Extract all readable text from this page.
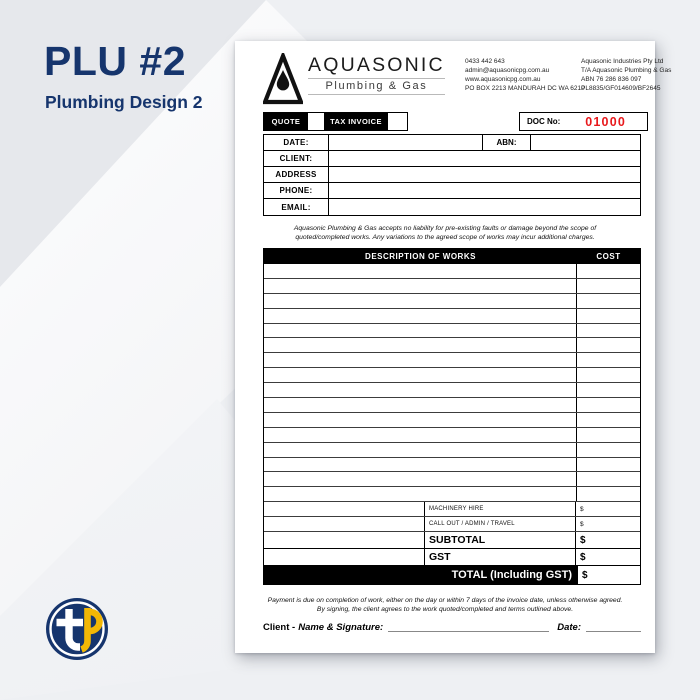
PLU #2
Plumbing Design 2
AQUASONIC
Plumbing & Gas
0433 442 643
admin@aquasonicpg.com.au
www.aquasonicpg.com.au
PO BOX 2213 MANDURAH DC WA 6210
Aquasonic Industries Pty Ltd
T/A Aquasonic Plumbing & Gas
ABN 76 286 836 097
PL8835/GF014609/BF2645
QUOTE	TAX INVOICE	DOC No: 01000
DATE:	ABN:
CLIENT:
ADDRESS
PHONE:
EMAIL:
Aquasonic Plumbing & Gas accepts no liability for pre-existing faults or damage beyond the scope of
quoted/completed works. Any variations to the agreed scope of works may incur additional charges.
DESCRIPTION OF WORKS	COST
MACHINERY HIRE	$
CALL OUT / ADMIN / TRAVEL	$
SUBTOTAL	$
GST	$
TOTAL (Including GST)	$
Payment is due on completion of work, either on the day or within 7 days of the invoice date, unless otherwise agreed.
By signing, the client agrees to the work quoted/completed and terms outlined above.
Client - Name & Signature:	Date:
